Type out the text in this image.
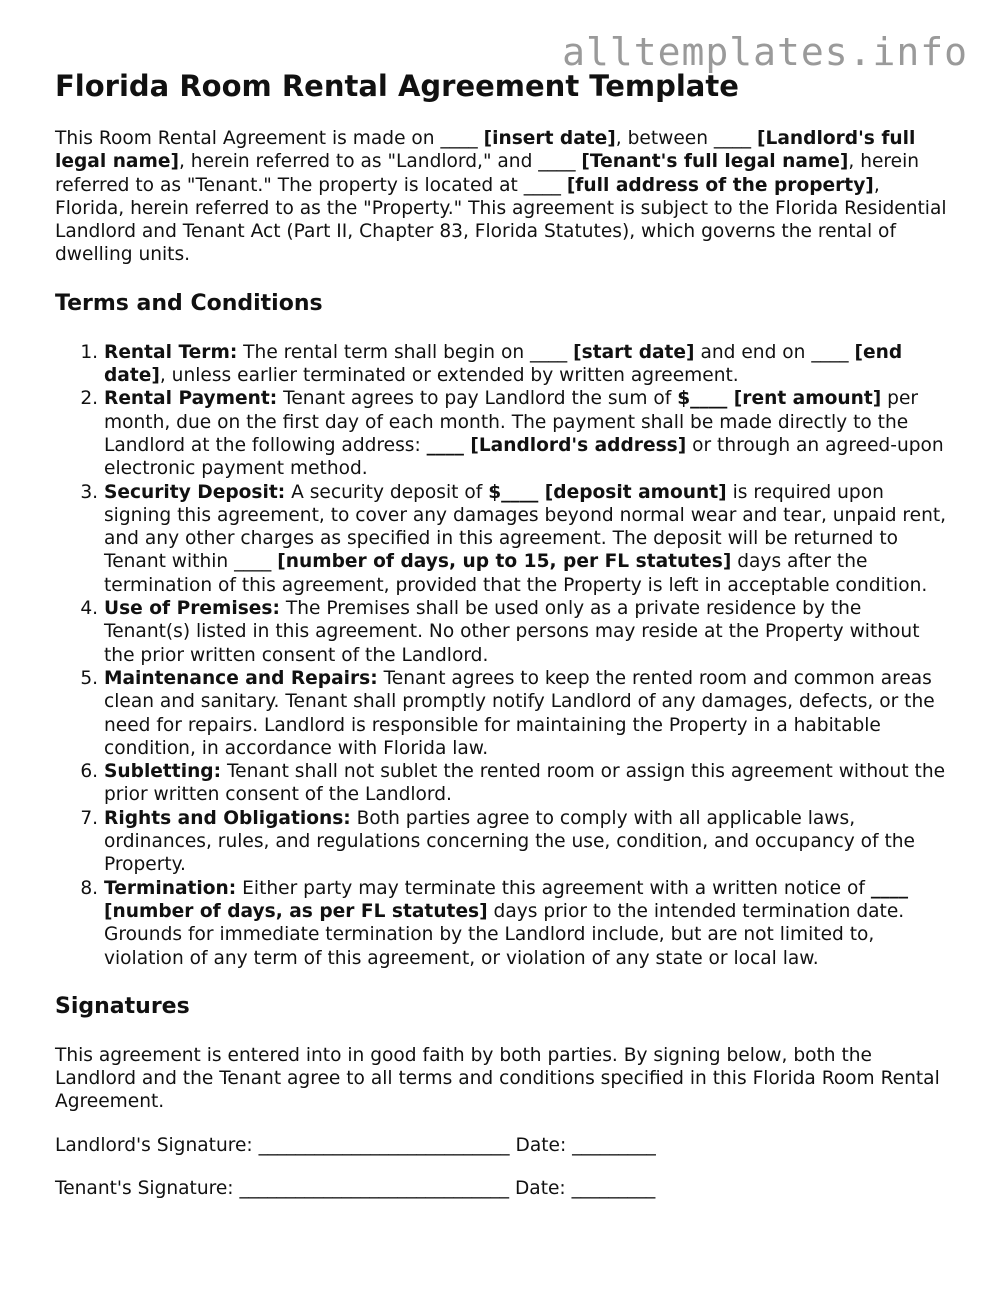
alltemplates.info
Florida Room Rental Agreement Template

This Room Rental Agreement is made on ____ [insert date], between ____ [Landlord's full legal name], herein referred to as "Landlord," and ____ [Tenant's full legal name], herein referred to as "Tenant." The property is located at ____ [full address of the property], Florida, herein referred to as the "Property." This agreement is subject to the Florida Residential Landlord and Tenant Act (Part II, Chapter 83, Florida Statutes), which governs the rental of dwelling units.

Terms and Conditions
1. Rental Term: The rental term shall begin on ____ [start date] and end on ____ [end date], unless earlier terminated or extended by written agreement.
2. Rental Payment: Tenant agrees to pay Landlord the sum of $____ [rent amount] per month, due on the first day of each month. The payment shall be made directly to the Landlord at the following address: ____ [Landlord's address] or through an agreed-upon electronic payment method.
3. Security Deposit: A security deposit of $____ [deposit amount] is required upon signing this agreement, to cover any damages beyond normal wear and tear, unpaid rent, and any other charges as specified in this agreement. The deposit will be returned to Tenant within ____ [number of days, up to 15, per FL statutes] days after the termination of this agreement, provided that the Property is left in acceptable condition.
4. Use of Premises: The Premises shall be used only as a private residence by the Tenant(s) listed in this agreement. No other persons may reside at the Property without the prior written consent of the Landlord.
5. Maintenance and Repairs: Tenant agrees to keep the rented room and common areas clean and sanitary. Tenant shall promptly notify Landlord of any damages, defects, or the need for repairs. Landlord is responsible for maintaining the Property in a habitable condition, in accordance with Florida law.
6. Subletting: Tenant shall not sublet the rented room or assign this agreement without the prior written consent of the Landlord.
7. Rights and Obligations: Both parties agree to comply with all applicable laws, ordinances, rules, and regulations concerning the use, condition, and occupancy of the Property.
8. Termination: Either party may terminate this agreement with a written notice of ____ [number of days, as per FL statutes] days prior to the intended termination date. Grounds for immediate termination by the Landlord include, but are not limited to, violation of any term of this agreement, or violation of any state or local law.
Signatures

This agreement is entered into in good faith by both parties. By signing below, both the Landlord and the Tenant agree to all terms and conditions specified in this Florida Room Rental Agreement.

Landlord's Signature: ___________________________ Date: _________

Tenant's Signature: _____________________________ Date: _________
